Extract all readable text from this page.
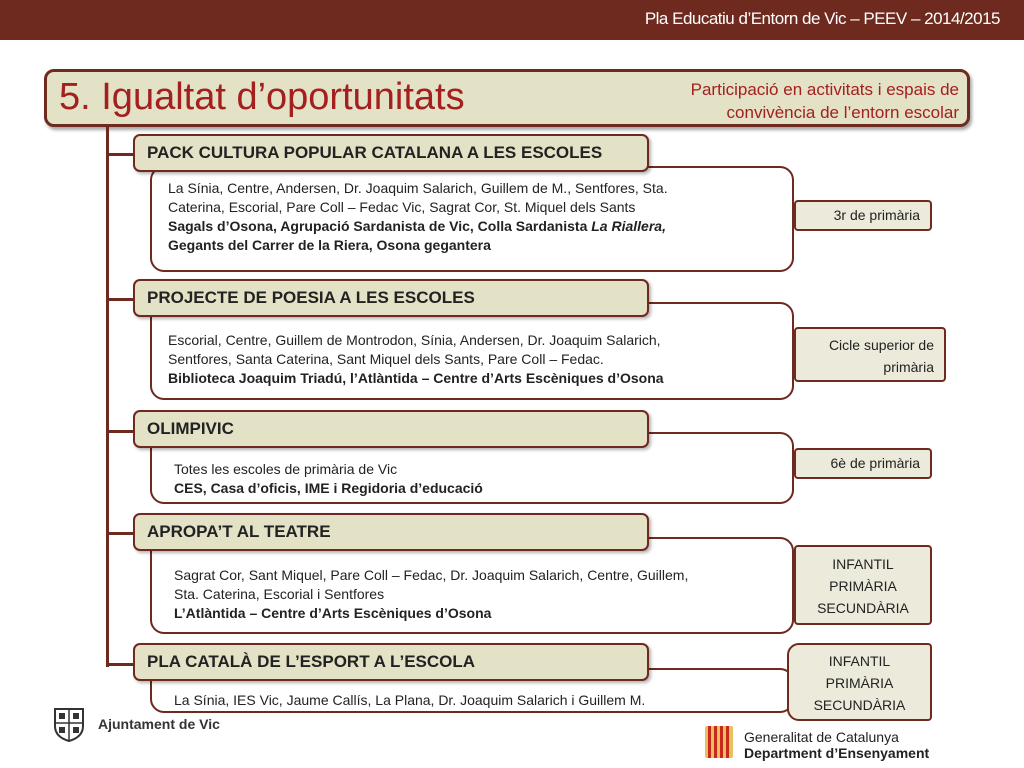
Pla Educatiu d’Entorn de Vic – PEEV – 2014/2015
5. Igualtat d’oportunitats	Participació en activitats i espais de
convivència de l’entorn escolar
La Sínia, Centre, Andersen, Dr. Joaquim Salarich, Guillem de M., Sentfores, Sta.
Caterina, Escorial, Pare Coll – Fedac Vic, Sagrat Cor, St. Miquel dels Sants
Sagals d’Osona, Agrupació Sardanista de Vic, Colla Sardanista La Riallera,
Gegants del Carrer de la Riera, Osona gegantera
PACK CULTURA POPULAR CATALANA A LES ESCOLES
3r de primària
Escorial, Centre, Guillem de Montrodon, Sínia, Andersen, Dr. Joaquim Salarich,
Sentfores, Santa Caterina, Sant Miquel dels Sants, Pare Coll – Fedac.
Biblioteca Joaquim Triadú, l’Atlàntida – Centre d’Arts Escèniques d’Osona
PROJECTE DE POESIA A LES ESCOLES
Cicle superior de
primària
Totes les escoles de primària de Vic
CES, Casa d’oficis, IME i Regidoria d’educació
OLIMPIVIC
6è de primària
Sagrat Cor, Sant Miquel, Pare Coll – Fedac, Dr. Joaquim Salarich, Centre, Guillem,
Sta. Caterina, Escorial i Sentfores
L’Atlàntida – Centre d’Arts Escèniques d’Osona
APROPA’T AL TEATRE
INFANTIL
PRIMÀRIA
SECUNDÀRIA
La Sínia, IES Vic, Jaume Callís, La Plana, Dr. Joaquim Salarich i Guillem M.
PLA CATALÀ DE L’ESPORT A L’ESCOLA	INFANTIL
PRIMÀRIA
SECUNDÀRIA
Ajuntament de Vic
Generalitat de Catalunya
Department d’Ensenyament
